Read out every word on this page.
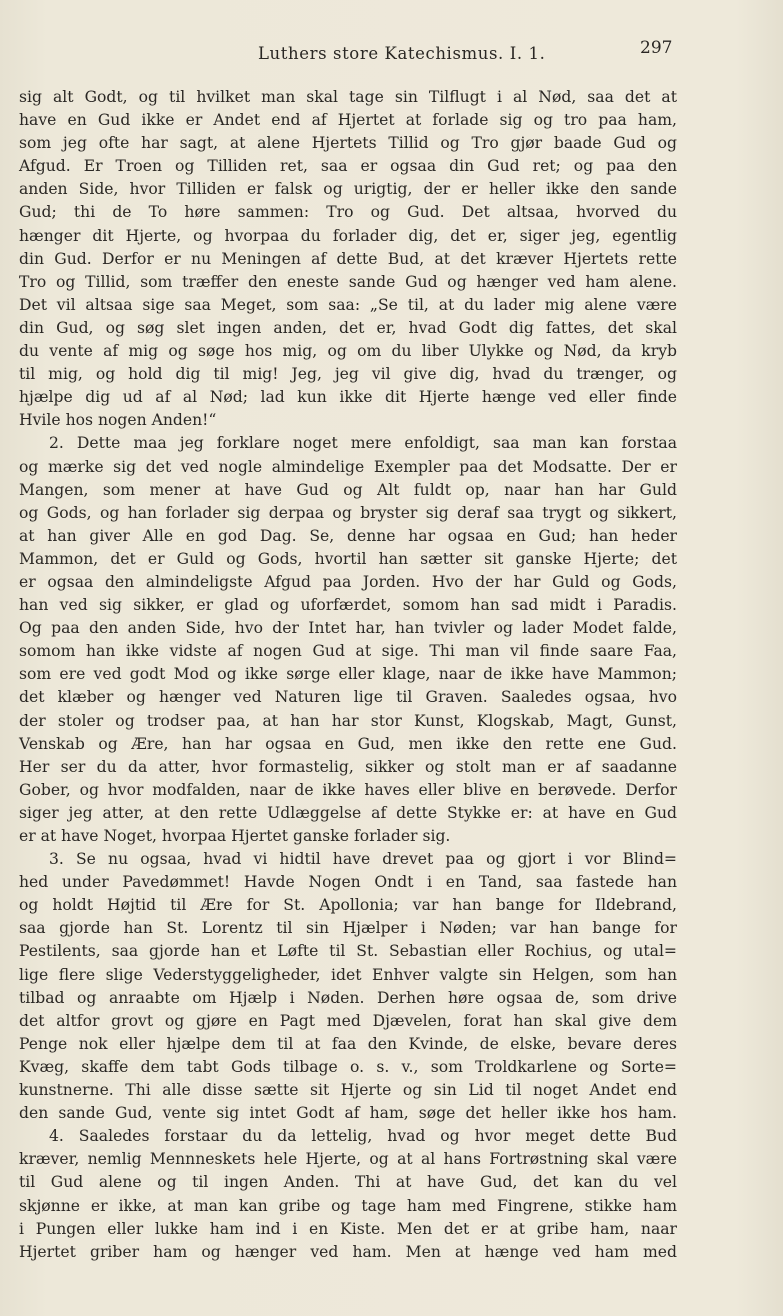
Luthers store Katechismus. I. 1.	297
sig alt Godt, og til hvilket man skal tage sin Tilflugt i al Nød, saa det at
have en Gud ikke er Andet end af Hjertet at forlade sig og tro paa ham,
som jeg ofte har sagt, at alene Hjertets Tillid og Tro gjør baade Gud og
Afgud. Er Troen og Tilliden ret, saa er ogsaa din Gud ret; og paa den
anden Side, hvor Tilliden er falsk og urigtig, der er heller ikke den sande
Gud; thi de To høre sammen: Tro og Gud. Det altsaa, hvorved du
hænger dit Hjerte, og hvorpaa du forlader dig, det er, siger jeg, egentlig
din Gud. Derfor er nu Meningen af dette Bud, at det kræver Hjertets rette
Tro og Tillid, som træffer den eneste sande Gud og hænger ved ham alene.
Det vil altsaa sige saa Meget, som saa: „Se til, at du lader mig alene være
din Gud, og søg slet ingen anden, det er, hvad Godt dig fattes, det skal
du vente af mig og søge hos mig, og om du liber Ulykke og Nød, da kryb
til mig, og hold dig til mig! Jeg, jeg vil give dig, hvad du trænger, og
hjælpe dig ud af al Nød; lad kun ikke dit Hjerte hænge ved eller finde
Hvile hos nogen Anden!“
2. Dette maa jeg forklare noget mere enfoldigt, saa man kan forstaa
og mærke sig det ved nogle almindelige Exempler paa det Modsatte. Der er
Mangen, som mener at have Gud og Alt fuldt op, naar han har Guld
og Gods, og han forlader sig derpaa og bryster sig deraf saa trygt og sikkert,
at han giver Alle en god Dag. Se, denne har ogsaa en Gud; han heder
Mammon, det er Guld og Gods, hvortil han sætter sit ganske Hjerte; det
er ogsaa den almindeligste Afgud paa Jorden. Hvo der har Guld og Gods,
han ved sig sikker, er glad og uforfærdet, somom han sad midt i Paradis.
Og paa den anden Side, hvo der Intet har, han tvivler og lader Modet falde,
somom han ikke vidste af nogen Gud at sige. Thi man vil finde saare Faa,
som ere ved godt Mod og ikke sørge eller klage, naar de ikke have Mammon;
det klæber og hænger ved Naturen lige til Graven. Saaledes ogsaa, hvo
der stoler og trodser paa, at han har stor Kunst, Klogskab, Magt, Gunst,
Venskab og Ære, han har ogsaa en Gud, men ikke den rette ene Gud.
Her ser du da atter, hvor formastelig, sikker og stolt man er af saadanne
Gober, og hvor modfalden, naar de ikke haves eller blive en berøvede. Derfor
siger jeg atter, at den rette Udlæggelse af dette Stykke er: at have en Gud
er at have Noget, hvorpaa Hjertet ganske forlader sig.
3. Se nu ogsaa, hvad vi hidtil have drevet paa og gjort i vor Blind=
hed under Pavedømmet! Havde Nogen Ondt i en Tand, saa fastede han
og holdt Højtid til Ære for St. Apollonia; var han bange for Ildebrand,
saa gjorde han St. Lorentz til sin Hjælper i Nøden; var han bange for
Pestilents, saa gjorde han et Løfte til St. Sebastian eller Rochius, og utal=
lige flere slige Vederstyggeligheder, idet Enhver valgte sin Helgen, som han
tilbad og anraabte om Hjælp i Nøden. Derhen høre ogsaa de, som drive
det altfor grovt og gjøre en Pagt med Djævelen, forat han skal give dem
Penge nok eller hjælpe dem til at faa den Kvinde, de elske, bevare deres
Kvæg, skaffe dem tabt Gods tilbage o. s. v., som Troldkarlene og Sorte=
kunstnerne. Thi alle disse sætte sit Hjerte og sin Lid til noget Andet end
den sande Gud, vente sig intet Godt af ham, søge det heller ikke hos ham.
4. Saaledes forstaar du da lettelig, hvad og hvor meget dette Bud
kræver, nemlig Mennneskets hele Hjerte, og at al hans Fortrøstning skal være
til Gud alene og til ingen Anden. Thi at have Gud, det kan du vel
skjønne er ikke, at man kan gribe og tage ham med Fingrene, stikke ham
i Pungen eller lukke ham ind i en Kiste. Men det er at gribe ham, naar
Hjertet griber ham og hænger ved ham. Men at hænge ved ham med
